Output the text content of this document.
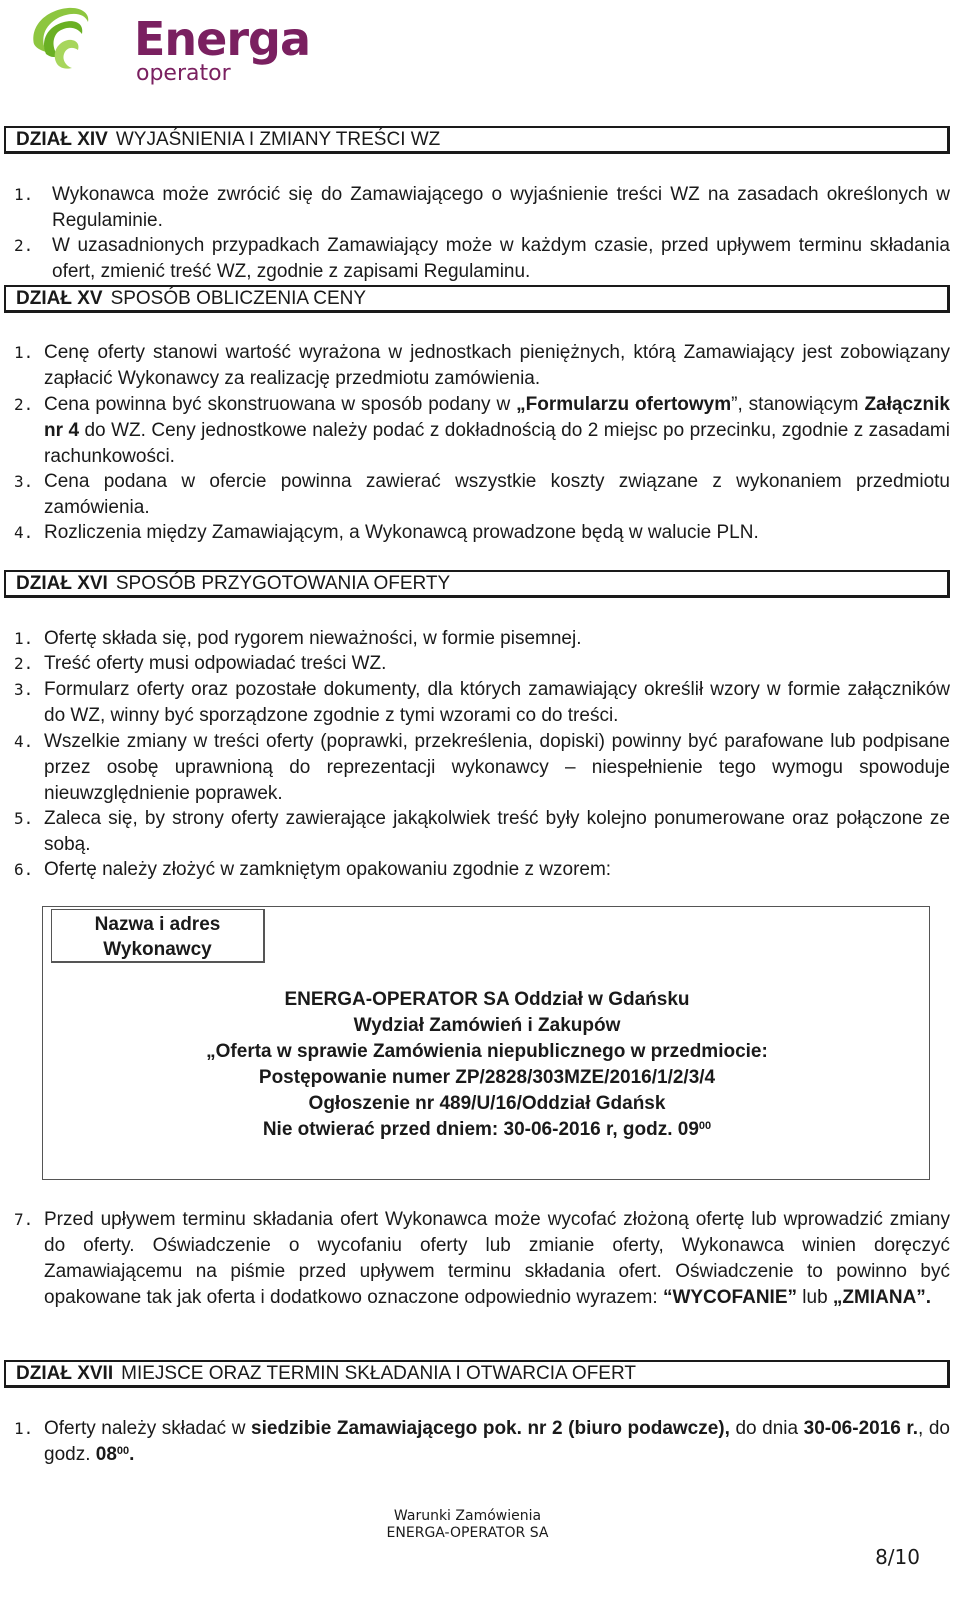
Energa
operator
DZIAŁ XIV WYJAŚNIENIA I ZMIANY TREŚCI WZ
1. Wykonawca może zwrócić się do Zamawiającego o wyjaśnienie treści WZ na zasadach określonych w Regulaminie.
2. W uzasadnionych przypadkach Zamawiający może w każdym czasie, przed upływem terminu składania ofert, zmienić treść WZ, zgodnie z zapisami Regulaminu.
DZIAŁ XV SPOSÓB OBLICZENIA CENY
1. Cenę oferty stanowi wartość wyrażona w jednostkach pieniężnych, którą Zamawiający jest zobowiązany zapłacić Wykonawcy za realizację przedmiotu zamówienia.
2. Cena powinna być skonstruowana w sposób podany w „Formularzu ofertowym”, stanowiącym Załącznik nr 4 do WZ. Ceny jednostkowe należy podać z dokładnością do 2 miejsc po przecinku, zgodnie z zasadami rachunkowości.
3. Cena podana w ofercie powinna zawierać wszystkie koszty związane z wykonaniem przedmiotu zamówienia.
4. Rozliczenia między Zamawiającym, a Wykonawcą prowadzone będą w walucie PLN.
DZIAŁ XVI SPOSÓB PRZYGOTOWANIA OFERTY
1. Ofertę składa się, pod rygorem nieważności, w formie pisemnej.
2. Treść oferty musi odpowiadać treści WZ.
3. Formularz oferty oraz pozostałe dokumenty, dla których zamawiający określił wzory w formie załączników do WZ, winny być sporządzone zgodnie z tymi wzorami co do treści.
4. Wszelkie zmiany w treści oferty (poprawki, przekreślenia, dopiski) powinny być parafowane lub podpisane przez osobę uprawnioną do reprezentacji wykonawcy – niespełnienie tego wymogu spowoduje nieuwzględnienie poprawek.
5. Zaleca się, by strony oferty zawierające jakąkolwiek treść były kolejno ponumerowane oraz połączone ze sobą.
6. Ofertę należy złożyć w zamkniętym opakowaniu zgodnie z wzorem:
Nazwa i adres
Wykonawcy
ENERGA-OPERATOR SA Oddział w Gdańsku
Wydział Zamówień i Zakupów
„Oferta w sprawie Zamówienia niepublicznego w przedmiocie:
Postępowanie numer ZP/2828/303MZE/2016/1/2/3/4
Ogłoszenie nr 489/U/16/Oddział Gdańsk
Nie otwierać przed dniem: 30-06-2016 r, godz. $09^{00}$
7. Przed upływem terminu składania ofert Wykonawca może wycofać złożoną ofertę lub wprowadzić zmiany do oferty. Oświadczenie o wycofaniu oferty lub zmianie oferty, Wykonawca winien doręczyć Zamawiającemu na piśmie przed upływem terminu składania ofert. Oświadczenie to powinno być opakowane tak jak oferta i dodatkowo oznaczone odpowiednio wyrazem: “WYCOFANIE” lub „ZMIANA”.
DZIAŁ XVII MIEJSCE ORAZ TERMIN SKŁADANIA I OTWARCIA OFERT
1. Oferty należy składać w siedzibie Zamawiającego pok. nr 2 (biuro podawcze), do dnia 30-06-2016 r., do godz. $08^{00}$.
Warunki Zamówienia
ENERGA-OPERATOR SA
8/10
